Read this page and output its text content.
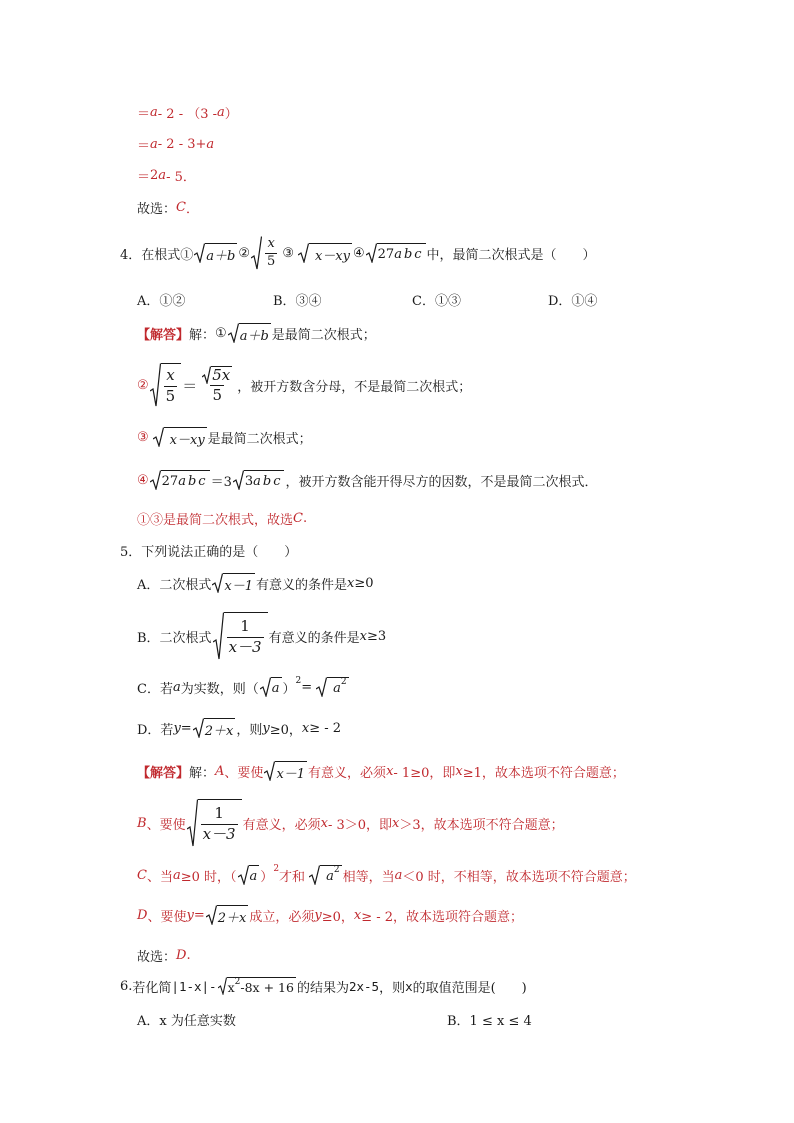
＝ a - 2 - （3 - a ）
＝ a - 2 - 3+ a
＝ 2 a - 5．
故选： C ．
4． 在根式① a＋b ② $\frac{x}{5}$ ③	x－xy ④ 27 abc 中，最简二次根式是（　　）
A．①②	B．③④	C．①③	D．①④
【解答】 解： ① a＋b 是最简二次根式；
② $\frac{x}{5} = \frac{5x}{5}$ ，被开方数含分母，不是最简二次根式；
③	x－xy 是最简二次根式；
④ 27 abc ＝3 3 abc ，被开方数含能开得尽方的因数，不是最简二次根式．
①③是最简二次根式，故选 C .
5． 下列说法正确的是（　　）
A．二次根式 x－1 有意义的条件是 x ≥0
B．二次根式 $\frac{1}{x-3}$ 有意义的条件是 x ≥3
C．若 a 为实数，则（ a ）
2 = a 2
D．若 y = 2＋x ，则 y ≥0， x ≥ - 2
【解答】 解： A 、要使 x－1 有意义，必须 x - 1≥0，即 x ≥1，故本选项不符合题意；
B 、要使 $\frac{1}{x-3}$ 有意义，必须 x - 3＞0，即 x ＞3，故本选项不符合题意；
C 、当 a ≥0 时，（ a ）
2
才和 a 2 相等，当 a ＜0 时，不相等，故本选项不符合题意；
D 、要使 y = 2＋x 成立，必须 y ≥0， x ≥ - 2，故本选项符合题意；
故选： D .
6. 若化简 |1-x|- x 2 -8x + 16 的结果为 2x-5 ，则 x 的取值范围是(　　)
A．x 为任意实数	B．1 ≤ x ≤ 4
